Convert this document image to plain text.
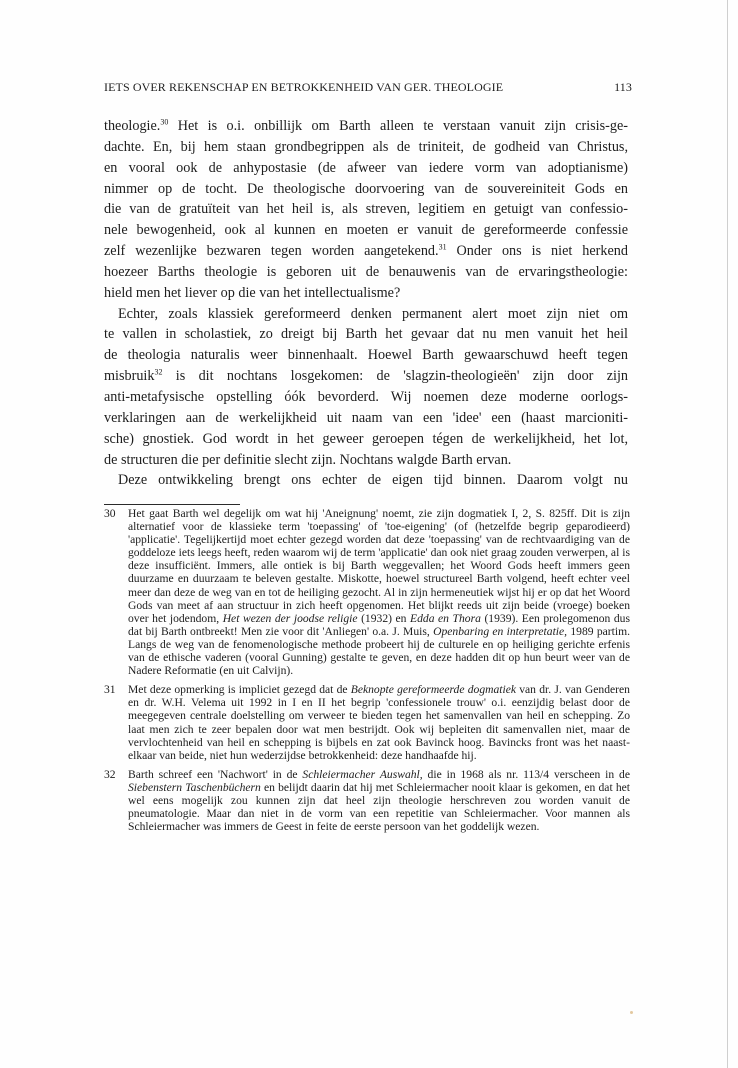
IETS OVER REKENSCHAP EN BETROKKENHEID VAN GER. THEOLOGIE	113
theologie.$^{30}$ Het is o.i. onbillijk om Barth alleen te verstaan vanuit zijn crisis-ge-
dachte. En, bij hem staan grondbegrippen als de triniteit, de godheid van Christus,
en vooral ook de anhypostasie (de afweer van iedere vorm van adoptianisme)
nimmer op de tocht. De theologische doorvoering van de souvereiniteit Gods en
die van de gratuïteit van het heil is, als streven, legitiem en getuigt van confessio-
nele bewogenheid, ook al kunnen en moeten er vanuit de gereformeerde confessie
zelf wezenlijke bezwaren tegen worden aangetekend.$^{31}$ Onder ons is niet herkend
hoezeer Barths theologie is geboren uit de benauwenis van de ervaringstheologie:
hield men het liever op die van het intellectualisme?
Echter, zoals klassiek gereformeerd denken permanent alert moet zijn niet om
te vallen in scholastiek, zo dreigt bij Barth het gevaar dat nu men vanuit het heil
de theologia naturalis weer binnenhaalt. Hoewel Barth gewaarschuwd heeft tegen
misbruik$^{32}$ is dit nochtans losgekomen: de 'slagzin-theologieën' zijn door zijn
anti-metafysische opstelling óók bevorderd. Wij noemen deze moderne oorlogs-
verklaringen aan de werkelijkheid uit naam van een 'idee' een (haast marcioniti-
sche) gnostiek. God wordt in het geweer geroepen tégen de werkelijkheid, het lot,
de structuren die per definitie slecht zijn. Nochtans walgde Barth ervan.
Deze ontwikkeling brengt ons echter de eigen tijd binnen. Daarom volgt nu
30	Het gaat Barth wel degelijk om wat hij 'Aneignung' noemt, zie zijn dogmatiek I, 2, S. 825ff. Dit is zijn alternatief voor de klassieke term 'toepassing' of 'toe-eigening' (of (hetzelfde begrip geparodieerd) 'applicatie'. Tegelijkertijd moet echter gezegd worden dat deze 'toepassing' van de rechtvaardiging van de goddeloze iets leegs heeft, reden waarom wij de term 'applicatie' dan ook niet graag zouden verwerpen, al is deze insufficiënt. Immers, alle ontiek is bij Barth weggevallen; het Woord Gods heeft immers geen duurzame en duurzaam te beleven gestalte. Miskotte, hoewel structureel Barth volgend, heeft echter veel meer dan deze de weg van en tot de heiliging gezocht. Al in zijn hermeneutiek wijst hij er op dat het Woord Gods van meet af aan structuur in zich heeft opgenomen. Het blijkt reeds uit zijn beide (vroege) boeken over het jodendom, Het wezen der joodse religie (1932) en Edda en Thora (1939). Een prolegomenon dus dat bij Barth ontbreekt! Men zie voor dit 'Anliegen' o.a. J. Muis, Openbaring en interpretatie, 1989 partim. Langs de weg van de fenomenologische methode probeert hij de culturele en op heiliging gerichte erfenis van de ethische vaderen (vooral Gunning) gestalte te geven, en deze hadden dit op hun beurt weer van de Nadere Reformatie (en uit Calvijn).
31	Met deze opmerking is impliciet gezegd dat de Beknopte gereformeerde dogmatiek van dr. J. van Genderen en dr. W.H. Velema uit 1992 in I en II het begrip 'confessionele trouw' o.i. eenzijdig belast door de meegegeven centrale doelstelling om verweer te bieden tegen het samenvallen van heil en schepping. Zo laat men zich te zeer bepalen door wat men bestrijdt. Ook wij bepleiten dit samenvallen niet, maar de vervlochtenheid van heil en schepping is bijbels en zat ook Bavinck hoog. Bavincks front was het naast-elkaar van beide, niet hun wederzijdse betrokkenheid: deze handhaafde hij.
32	Barth schreef een 'Nachwort' in de Schleiermacher Auswahl, die in 1968 als nr. 113/4 verscheen in de Siebenstern Taschenbüchern en belijdt daarin dat hij met Schleiermacher nooit klaar is gekomen, en dat het wel eens mogelijk zou kunnen zijn dat heel zijn theologie herschreven zou worden vanuit de pneumatologie. Maar dan niet in de vorm van een repetitie van Schleiermacher. Voor mannen als Schleiermacher was immers de Geest in feite de eerste persoon van het goddelijk wezen.
